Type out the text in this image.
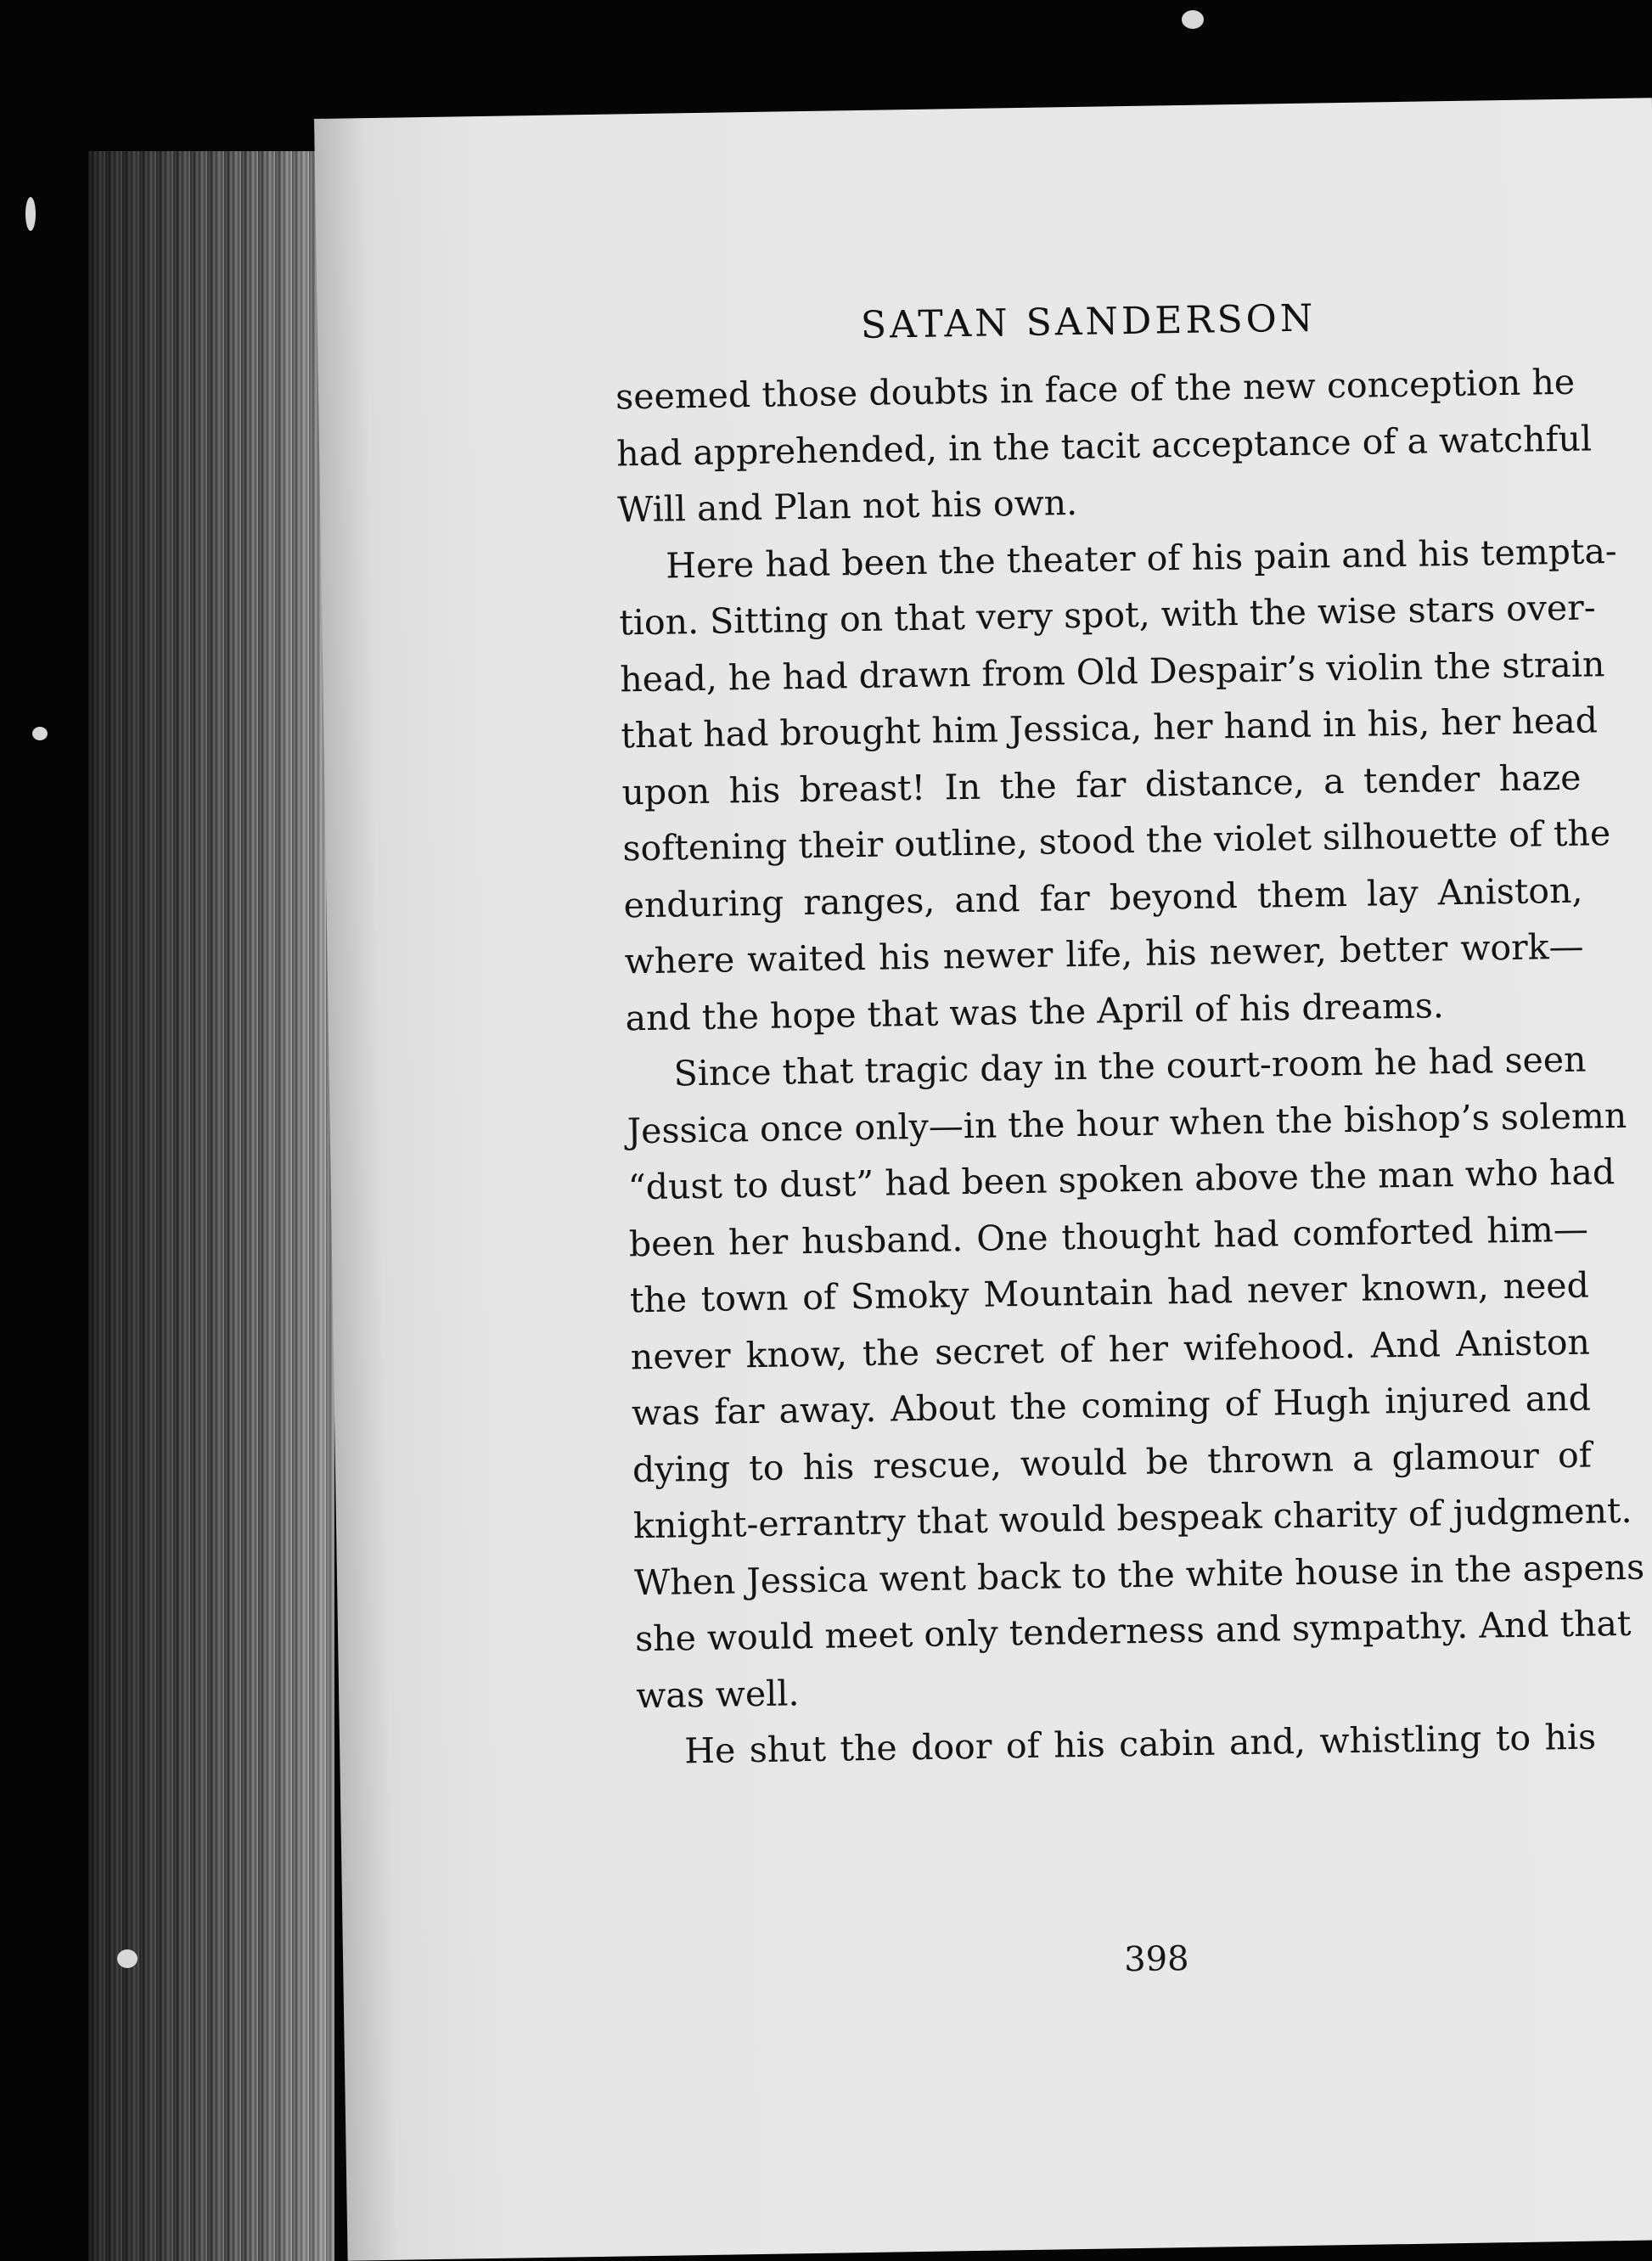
SATAN SANDERSON
seemed those doubts in face of the new conception he
had apprehended, in the tacit acceptance of a watchful
Will and Plan not his own.
Here had been the theater of his pain and his tempta-
tion. Sitting on that very spot, with the wise stars over-
head, he had drawn from Old Despair’s violin the strain
that had brought him Jessica, her hand in his, her head
upon his breast! In the far distance, a tender haze
softening their outline, stood the violet silhouette of the
enduring ranges, and far beyond them lay Aniston,
where waited his newer life, his newer, better work—
and the hope that was the April of his dreams.
Since that tragic day in the court-room he had seen
Jessica once only—in the hour when the bishop’s solemn
“dust to dust” had been spoken above the man who had
been her husband. One thought had comforted him—
the town of Smoky Mountain had never known, need
never know, the secret of her wifehood. And Aniston
was far away. About the coming of Hugh injured and
dying to his rescue, would be thrown a glamour of
knight-errantry that would bespeak charity of judgment.
When Jessica went back to the white house in the aspens
she would meet only tenderness and sympathy. And that
was well.
He shut the door of his cabin and, whistling to his

398
